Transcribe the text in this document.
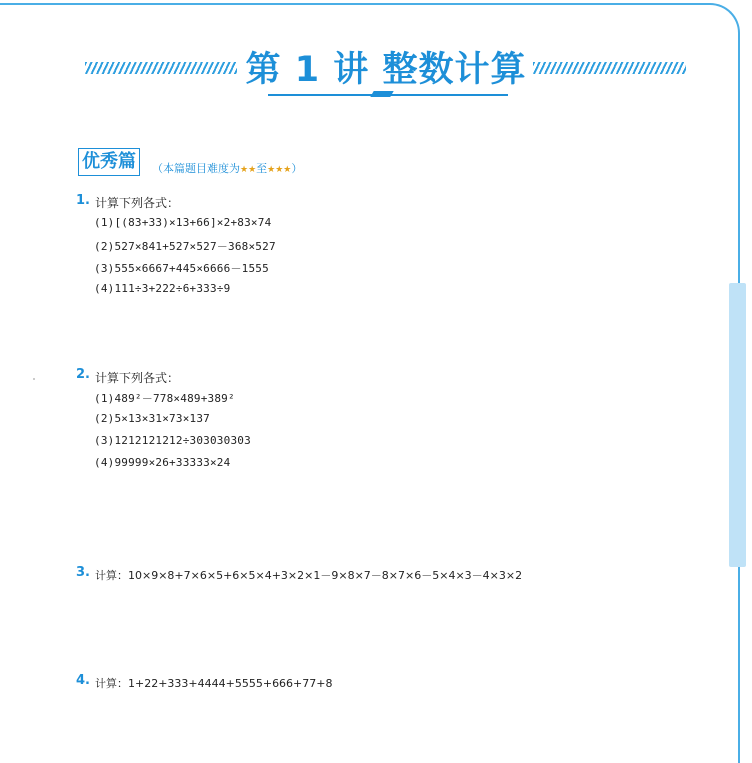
第 1 讲 整数计算
优秀篇	（本篇题目难度为★★至★★★）
1. 计算下列各式：
(1)[(83+33)×13+66]×2+83×74
(2)527×841+527×527－368×527
(3)555×6667+445×6666－1555
(4)111÷3+222÷6+333÷9
2. 计算下列各式：
(1)489²－778×489+389²
(2)5×13×31×73×137
(3)1212121212÷303030303
(4)99999×26+33333×24
3. 计算：10×9×8+7×6×5+6×5×4+3×2×1－9×8×7－8×7×6－5×4×3－4×3×2
4. 计算：1+22+333+4444+5555+666+77+8
